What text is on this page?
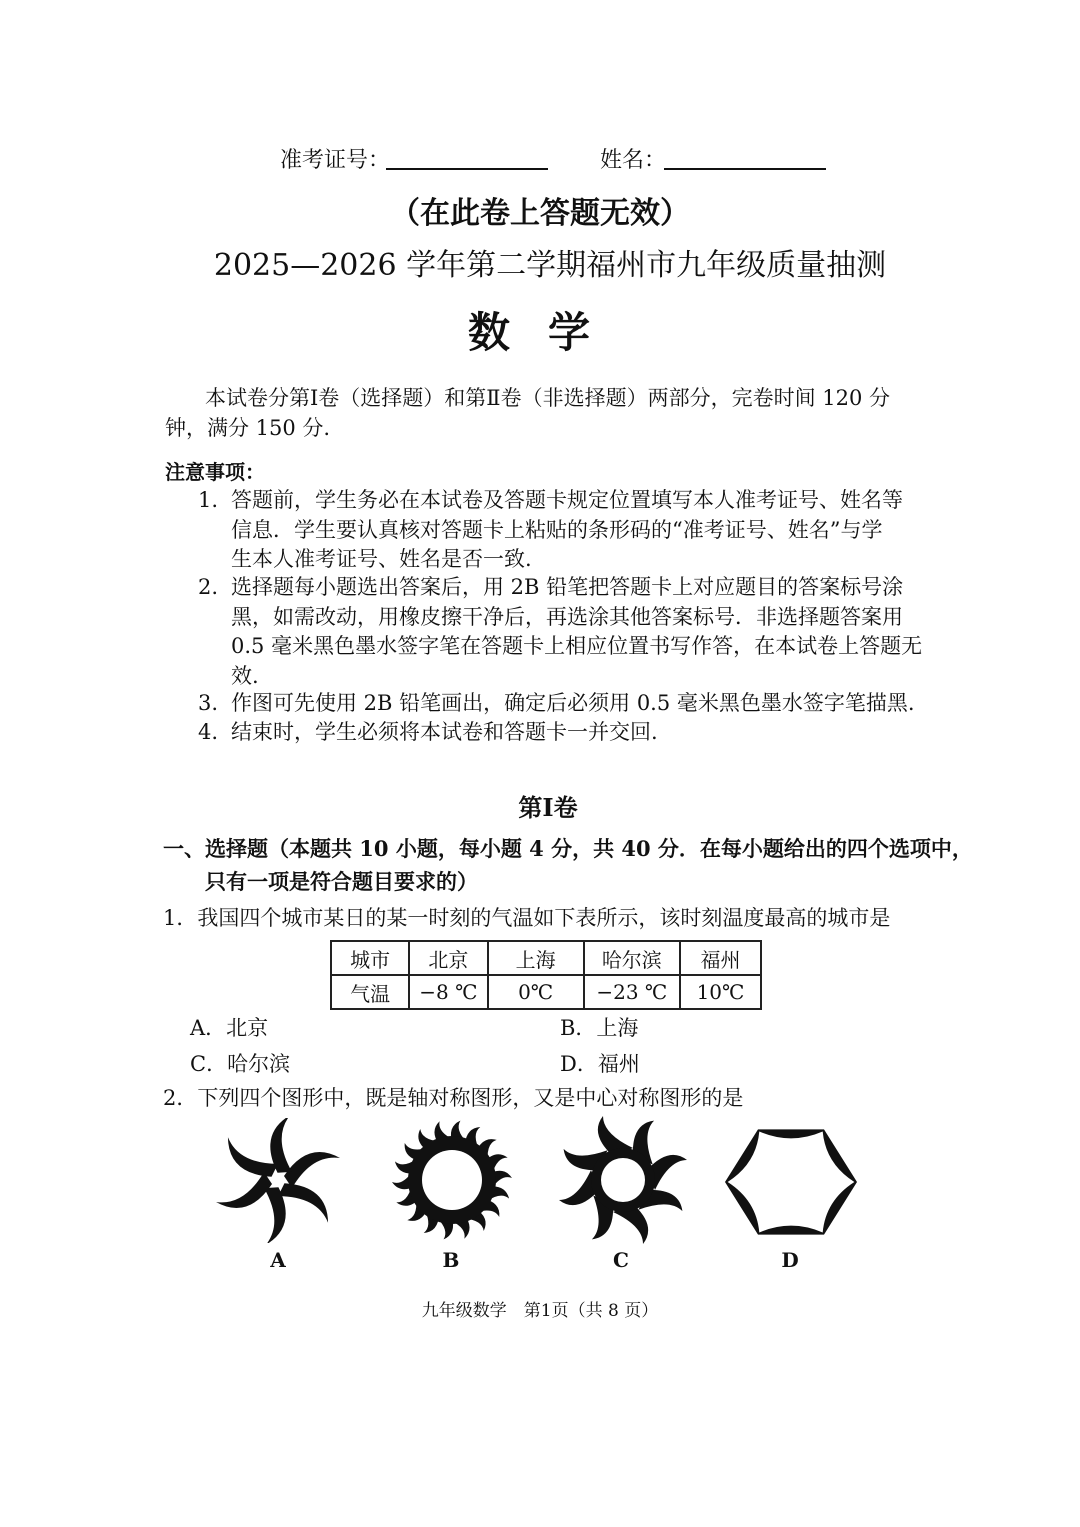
准考证号：	姓名：
（在此卷上答题无效）
2025—2026 学年第二学期福州市九年级质量抽测
数学
本试卷分第Ⅰ卷（选择题）和第Ⅱ卷（非选择题）两部分，完卷时间 120 分
钟，满分 150 分.
注意事项：
1. 答题前，学生务必在本试卷及答题卡规定位置填写本人准考证号、姓名等
信息．学生要认真核对答题卡上粘贴的条形码的“准考证号、姓名”与学
生本人准考证号、姓名是否一致.
2. 选择题每小题选出答案后，用 2B 铅笔把答题卡上对应题目的答案标号涂
黑，如需改动，用橡皮擦干净后，再选涂其他答案标号．非选择题答案用
0.5 毫米黑色墨水签字笔在答题卡上相应位置书写作答，在本试卷上答题无
效.
3. 作图可先使用 2B 铅笔画出，确定后必须用 0.5 毫米黑色墨水签字笔描黑.
4. 结束时，学生必须将本试卷和答题卡一并交回.
第Ⅰ卷
一、选择题（本题共 10 小题，每小题 4 分，共 40 分．在每小题给出的四个选项中，
只有一项是符合题目要求的）
1．我国四个城市某日的某一时刻的气温如下表所示，该时刻温度最高的城市是
城市	北京	上海	哈尔滨	福州
气温	−8 ℃	0℃	−23 ℃	10℃
A．北京	B．上海
C．哈尔滨	D．福州
2．下列四个图形中，既是轴对称图形，又是中心对称图形的是
A	B	C	D
九年级数学　第1页（共 8 页）
